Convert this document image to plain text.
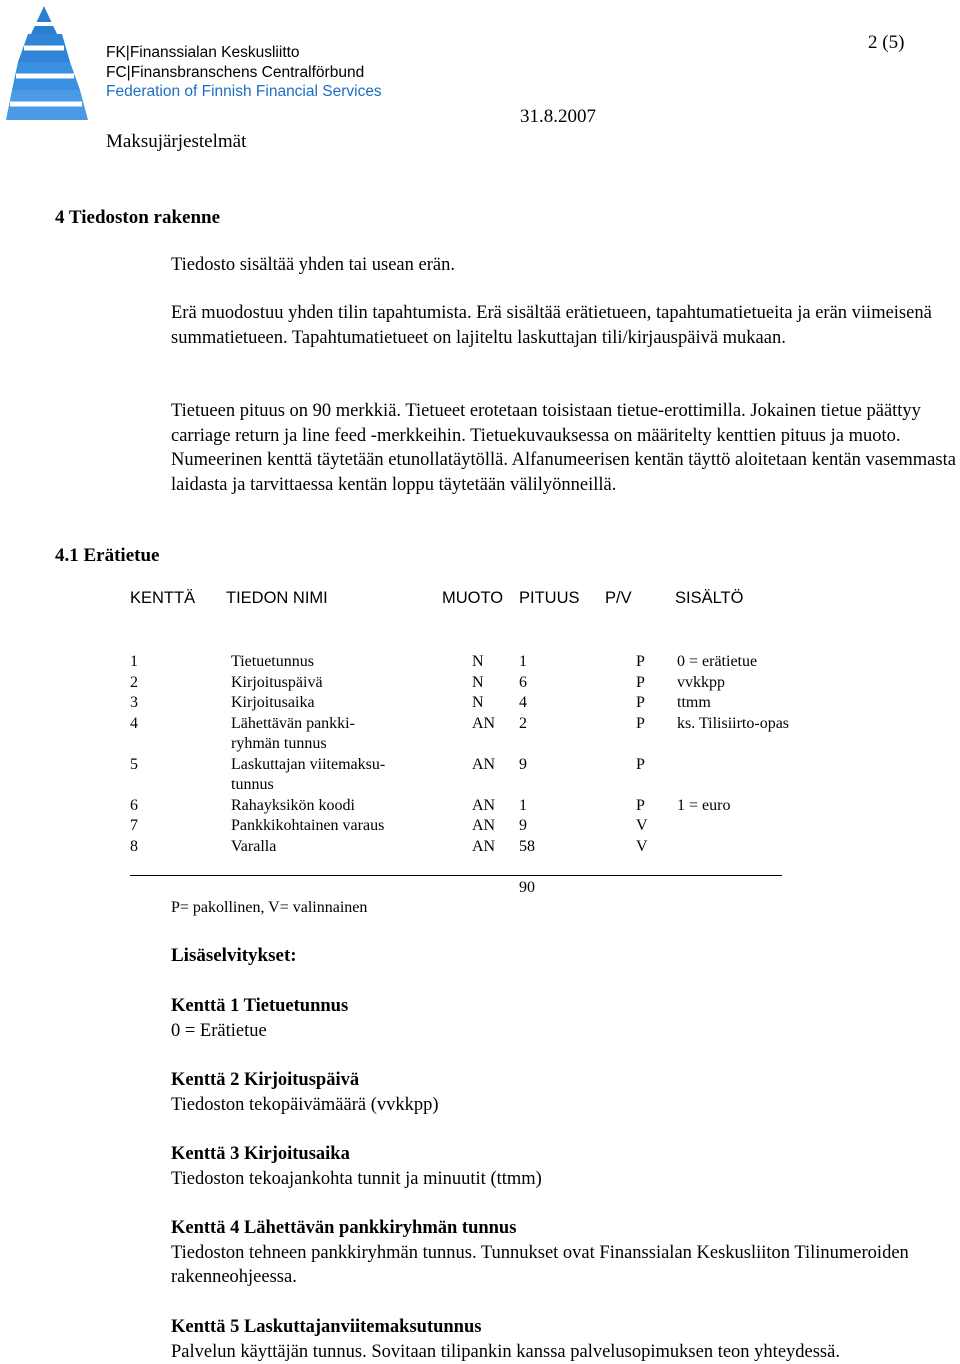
FK|Finanssialan Keskusliitto
FC|Finansbranschens Centralförbund
Federation of Finnish Financial Services
2 (5)
31.8.2007
Maksujärjestelmät
4 Tiedoston rakenne
Tiedosto sisältää yhden tai usean erän.
Erä muodostuu yhden tilin tapahtumista. Erä sisältää erätietueen, tapahtumatietueita ja erän viimeisenä summatietueen. Tapahtumatietueet on lajiteltu laskuttajan tili/kirjauspäivä mukaan.
Tietueen pituus on 90 merkkiä. Tietueet erotetaan toisistaan tietue-erottimilla. Jokainen tietue päättyy carriage return ja line feed -merkkeihin. Tietuekuvauksessa on määritelty kenttien pituus ja muoto. Numeerinen kenttä täytetään etunollatäytöllä. Alfanumeerisen kentän täyttö aloitetaan kentän vasemmasta laidasta ja tarvittaessa kentän loppu täytetään välilyönneillä.
4.1 Erätietue
KENTTÄ TIEDON NIMI	MUOTO PITUUS P/V	SISÄLTÖ
1	Tietuetunnus	N 1	P 0 = erätietue
2	Kirjoituspäivä	N 6	P vvkkpp
3	Kirjoitusaika	N 4	P ttmm
4	Lähettävän pankki-
ryhmän tunnus
AN 2	P ks. Tilisiirto-opas
5	Laskuttajan viitemaksu-
tunnus
AN 9	P
6	Rahayksikön koodi	AN 1	P 1 = euro
7	Pankkikohtainen varaus	AN 9	V
8	Varalla	AN 58	V
90
P= pakollinen, V= valinnainen
Lisäselvitykset:
Kenttä 1 Tietuetunnus
0 = Erätietue
Kenttä 2 Kirjoituspäivä
Tiedoston tekopäivämäärä (vvkkpp)
Kenttä 3 Kirjoitusaika
Tiedoston tekoajankohta tunnit ja minuutit (ttmm)
Kenttä 4 Lähettävän pankkiryhmän tunnus
Tiedoston tehneen pankkiryhmän tunnus. Tunnukset ovat Finanssialan Keskusliiton Tilinumeroiden rakenneohjeessa.
Kenttä 5 Laskuttajanviitemaksutunnus
Palvelun käyttäjän tunnus. Sovitaan tilipankin kanssa palvelusopimuksen teon yhteydessä.
